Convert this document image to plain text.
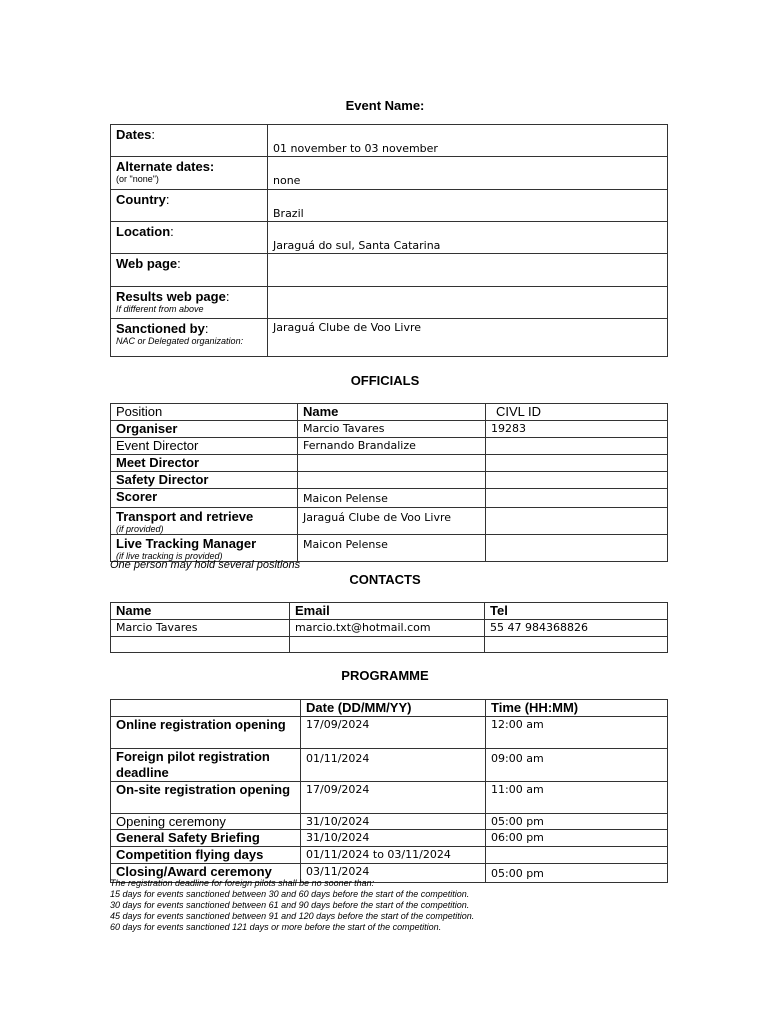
Event Name:
Dates:	01 november to 03 november

Alternate dates:
(or "none")	none
Country:	Brazil
Location:	Jaraguá do sul, Santa Catarina
Web page:	

Results web page:
If different from above	

Sanctioned by:
NAC or Delegated organization:	Jaraguá Clube de Voo Livre
OFFICIALS
Position	Name	CIVL ID
Organiser	Marcio Tavares	19283
Event Director	Fernando Brandalize	
Meet Director		
Safety Director		
Scorer	Maicon Pelense	

Transport and retrieve
(if provided)	Jaraguá Clube de Voo Livre	

Live Tracking Manager
(if live tracking is provided)	Maicon Pelense	
One person may hold several positions
CONTACTS
Name	Email	Tel
Marcio Tavares	marcio.txt@hotmail.com	55 47 984368826

PROGRAMME
	Date (DD/MM/YY)	Time (HH:MM)
Online registration opening	17/09/2024	12:00 am
Foreign pilot registration deadline	01/11/2024	09:00 am
On-site registration opening	17/09/2024	11:00 am
Opening ceremony	31/10/2024	05:00 pm
General Safety Briefing	31/10/2024	06:00 pm
Competition flying days	01/11/2024 to 03/11/2024	
Closing/Award ceremony	03/11/2024	05:00 pm
The registration deadline for foreign pilots shall be no sooner than:
15 days for events sanctioned between 30 and 60 days before the start of the competition.
30 days for events sanctioned between 61 and 90 days before the start of the competition.
45 days for events sanctioned between 91 and 120 days before the start of the competition.
60 days for events sanctioned 121 days or more before the start of the competition.
